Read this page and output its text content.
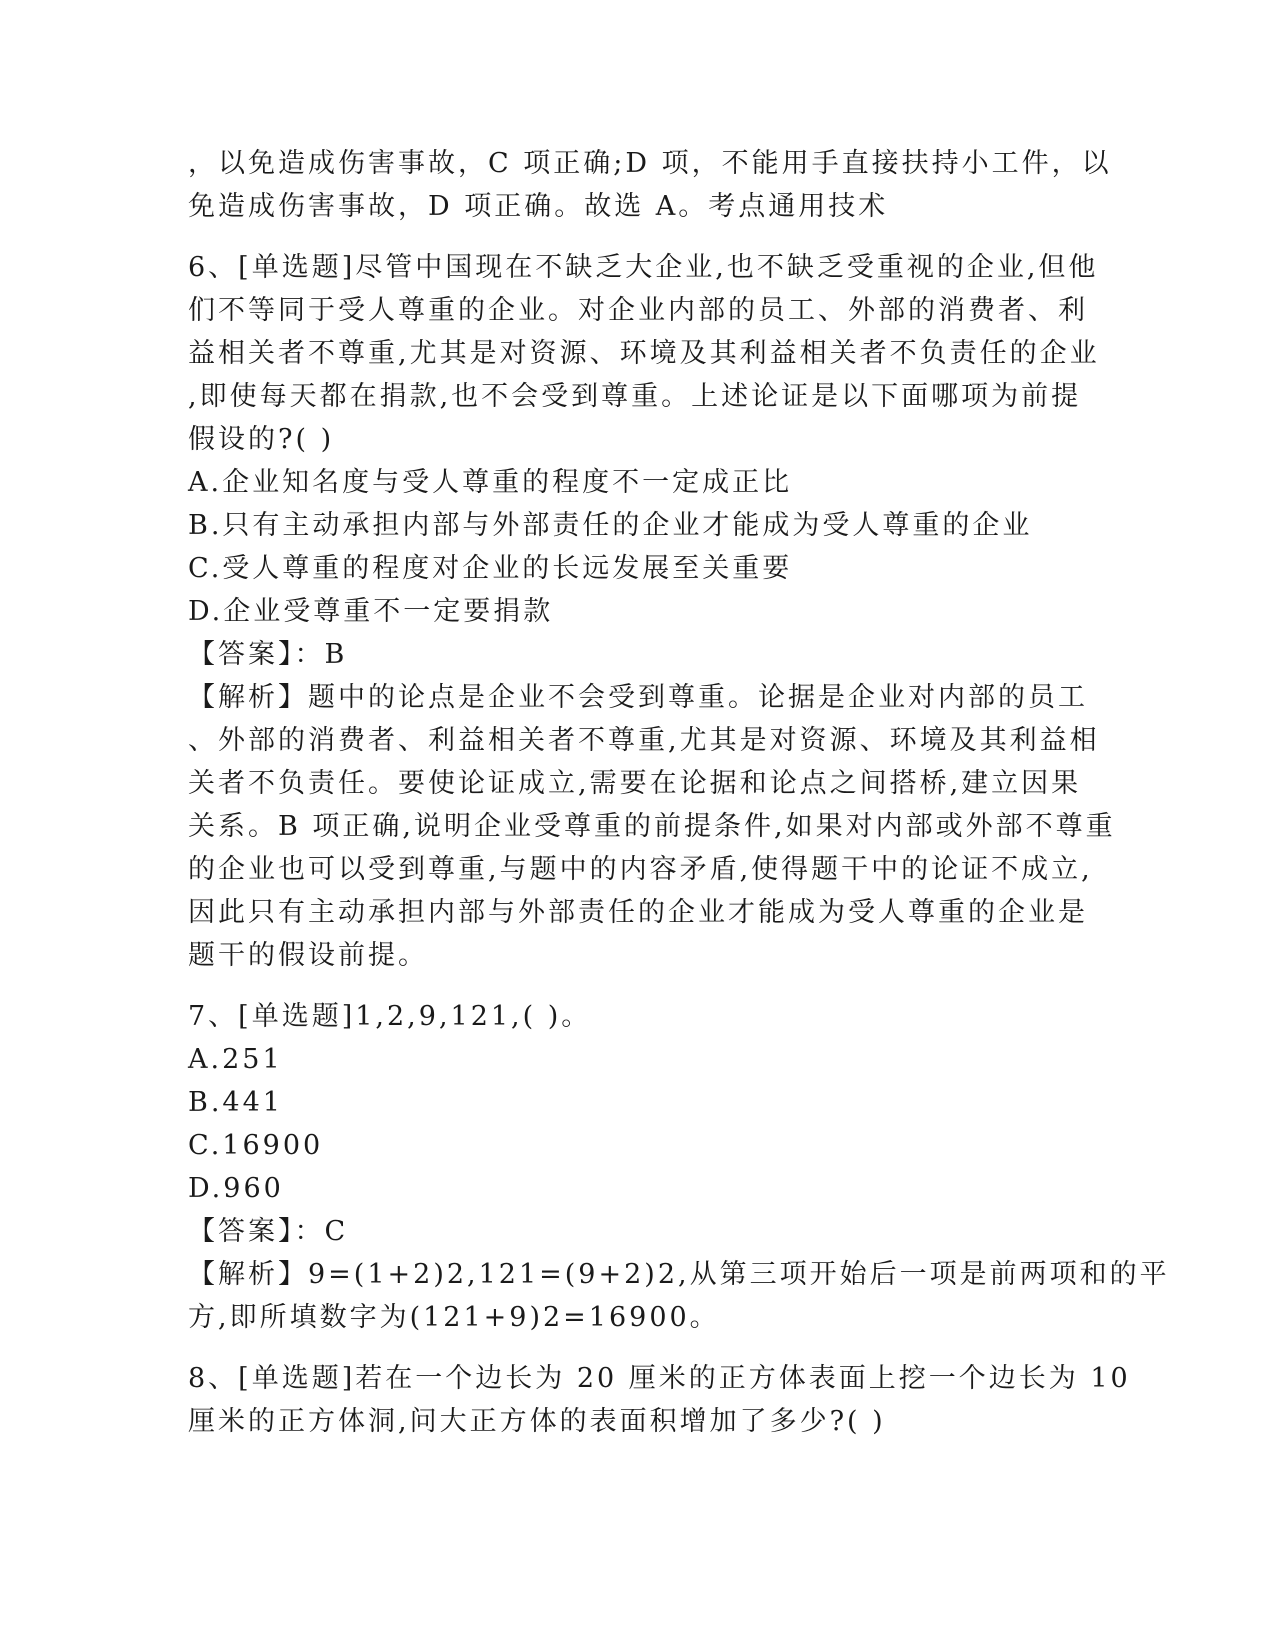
，以免造成伤害事故，C 项正确;D 项，不能用手直接扶持小工件，以
免造成伤害事故，D 项正确。故选 A。考点通用技术
6、[单选题]尽管中国现在不缺乏大企业,也不缺乏受重视的企业,但他
们不等同于受人尊重的企业。对企业内部的员工、外部的消费者、利
益相关者不尊重,尤其是对资源、环境及其利益相关者不负责任的企业
,即使每天都在捐款,也不会受到尊重。上述论证是以下面哪项为前提
假设的?( )
A.企业知名度与受人尊重的程度不一定成正比
B.只有主动承担内部与外部责任的企业才能成为受人尊重的企业
C.受人尊重的程度对企业的长远发展至关重要
D.企业受尊重不一定要捐款
【答案】：B
【解析】题中的论点是企业不会受到尊重。论据是企业对内部的员工
、外部的消费者、利益相关者不尊重,尤其是对资源、环境及其利益相
关者不负责任。要使论证成立,需要在论据和论点之间搭桥,建立因果
关系。B 项正确,说明企业受尊重的前提条件,如果对内部或外部不尊重
的企业也可以受到尊重,与题中的内容矛盾,使得题干中的论证不成立,
因此只有主动承担内部与外部责任的企业才能成为受人尊重的企业是
题干的假设前提。
7、[单选题]1,2,9,121,( )。
A.251
B.441
C.16900
D.960
【答案】：C
【解析】9=(1+2)2,121=(9+2)2,从第三项开始后一项是前两项和的平
方,即所填数字为(121+9)2=16900。
8、[单选题]若在一个边长为 20 厘米的正方体表面上挖一个边长为 10
厘米的正方体洞,问大正方体的表面积增加了多少?( )
